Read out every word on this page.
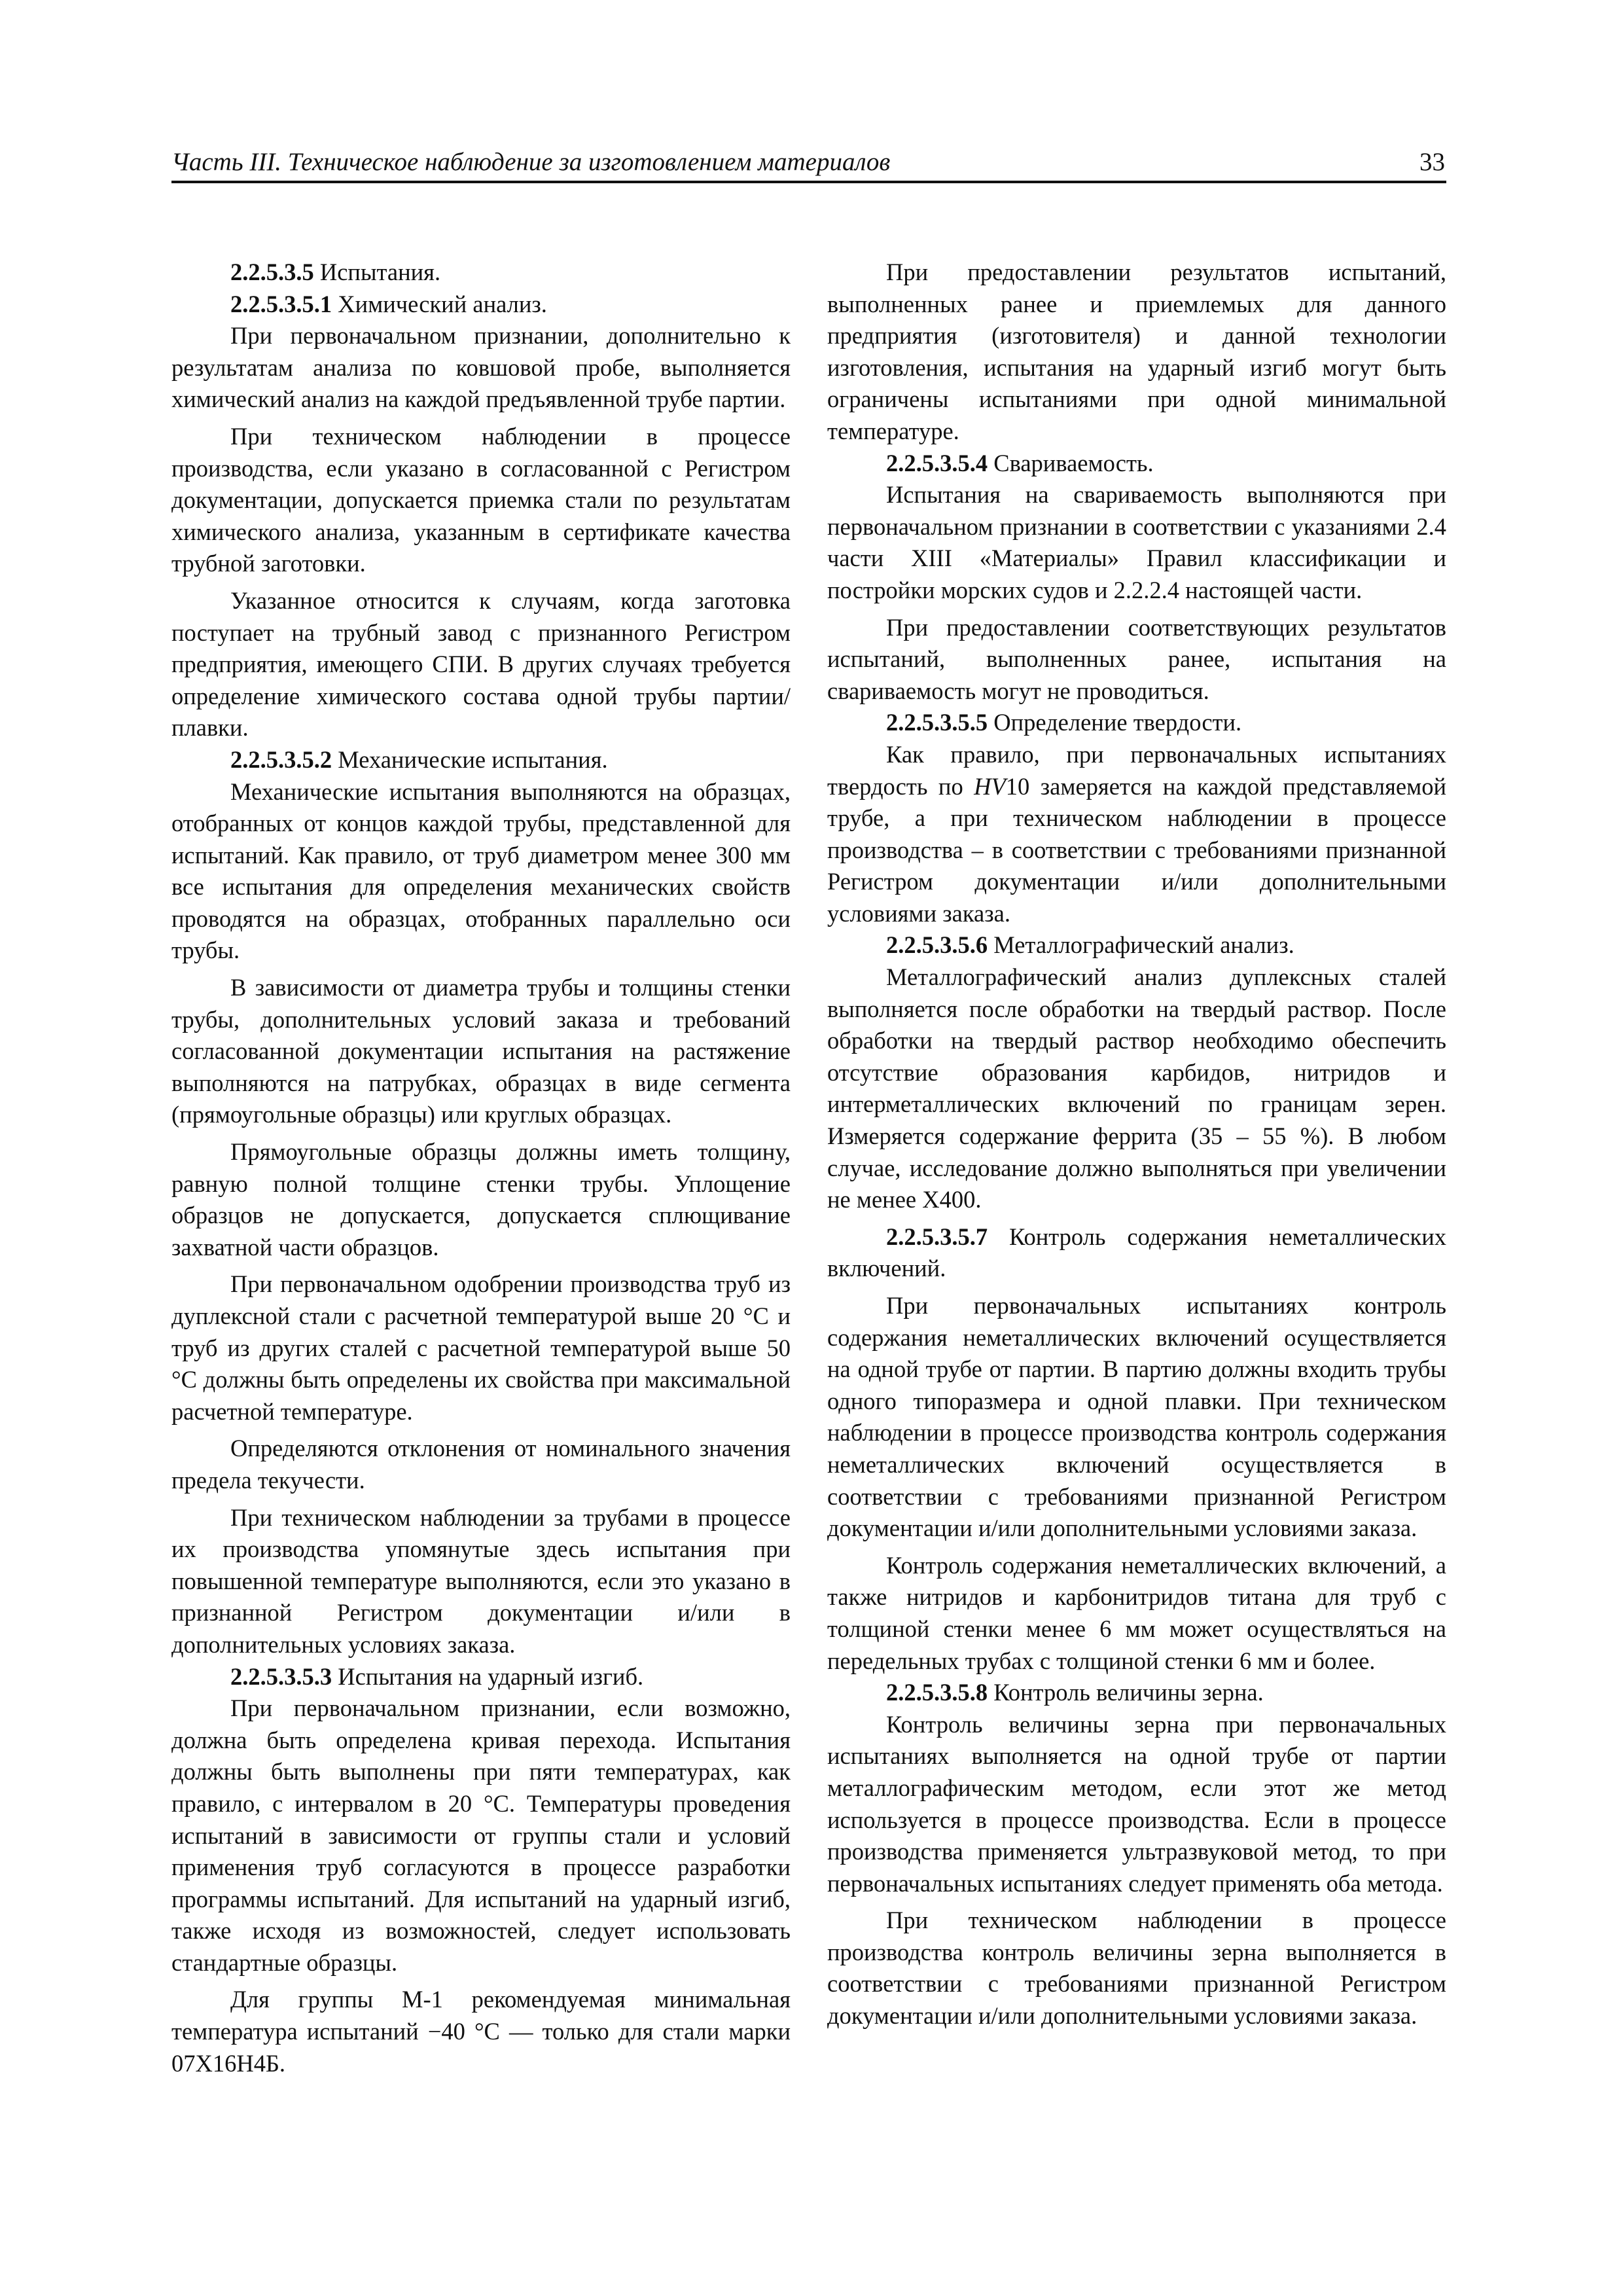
Часть III. Техническое наблюдение за изготовлением материалов	33

2.2.5.3.5 Испытания.

2.2.5.3.5.1 Химический анализ.

При первоначальном признании, дополнительно к результатам анализа по ковшовой пробе, выполняется химический анализ на каждой предъявленной трубе партии.

При техническом наблюдении в процессе производства, если указано в согласованной с Регистром документации, допускается приемка стали по результатам химического анализа, указанным в сертификате качества трубной заготовки.

Указанное относится к случаям, когда заготовка поступает на трубный завод с признанного Регистром предприятия, имеющего СПИ. В других случаях требуется определение химического состава одной трубы партии/плавки.

2.2.5.3.5.2 Механические испытания.

Механические испытания выполняются на образцах, отобранных от концов каждой трубы, представленной для испытаний. Как правило, от труб диаметром менее 300 мм все испытания для определения механических свойств проводятся на образцах, отобранных параллельно оси трубы.

В зависимости от диаметра трубы и толщины стенки трубы, дополнительных условий заказа и требований согласованной документации испытания на растяжение выполняются на патрубках, образцах в виде сегмента (прямоугольные образцы) или круглых образцах.

Прямоугольные образцы должны иметь толщину, равную полной толщине стенки трубы. Уплощение образцов не допускается, допускается сплющивание захватной части образцов.

При первоначальном одобрении производства труб из дуплексной стали с расчетной температурой выше 20 °C и труб из других сталей с расчетной температурой выше 50 °C должны быть определены их свойства при максимальной расчетной температуре.

Определяются отклонения от номинального значения предела текучести.

При техническом наблюдении за трубами в процессе их производства упомянутые здесь испытания при повышенной температуре выполняются, если это указано в признанной Регистром документации и/или в дополнительных условиях заказа.

2.2.5.3.5.3 Испытания на ударный изгиб.

При первоначальном признании, если возможно, должна быть определена кривая перехода. Испытания должны быть выполнены при пяти температурах, как правило, с интервалом в 20 °C. Температуры проведения испытаний в зависимости от группы стали и условий применения труб согласуются в процессе разработки программы испытаний. Для испытаний на ударный изгиб, также исходя из возможностей, следует использовать стандартные образцы.

Для группы М-1 рекомендуемая минимальная температура испытаний −40 °C — только для стали марки 07Х16Н4Б.

При предоставлении результатов испытаний, выполненных ранее и приемлемых для данного предприятия (изготовителя) и данной технологии изготовления, испытания на ударный изгиб могут быть ограничены испытаниями при одной минимальной температуре.

2.2.5.3.5.4 Свариваемость.

Испытания на свариваемость выполняются при первоначальном признании в соответствии с указаниями 2.4 части XIII «Материалы» Правил классификации и постройки морских судов и 2.2.2.4 настоящей части.

При предоставлении соответствующих результатов испытаний, выполненных ранее, испытания на свариваемость могут не проводиться.

2.2.5.3.5.5 Определение твердости.

Как правило, при первоначальных испытаниях твердость по HV10 замеряется на каждой представляемой трубе, а при техническом наблюдении в процессе производства – в соответствии с требованиями признанной Регистром документации и/или дополнительными условиями заказа.

2.2.5.3.5.6 Металлографический анализ.

Металлографический анализ дуплексных сталей выполняется после обработки на твердый раствор. После обработки на твердый раствор необходимо обеспечить отсутствие образования карбидов, нитридов и интерметаллических включений по границам зерен. Измеряется содержание феррита (35 – 55 %). В любом случае, исследование должно выполняться при увеличении не менее Х400.

2.2.5.3.5.7 Контроль содержания неметаллических включений.

При первоначальных испытаниях контроль содержания неметаллических включений осуществляется на одной трубе от партии. В партию должны входить трубы одного типоразмера и одной плавки. При техническом наблюдении в процессе производства контроль содержания неметаллических включений осуществляется в соответствии с требованиями признанной Регистром документации и/или дополнительными условиями заказа.

Контроль содержания неметаллических включений, а также нитридов и карбонитридов титана для труб с толщиной стенки менее 6 мм может осуществляться на передельных трубах с толщиной стенки 6 мм и более.

2.2.5.3.5.8 Контроль величины зерна.

Контроль величины зерна при первоначальных испытаниях выполняется на одной трубе от партии металлографическим методом, если этот же метод используется в процессе производства. Если в процессе производства применяется ультразвуковой метод, то при первоначальных испытаниях следует применять оба метода.

При техническом наблюдении в процессе производства контроль величины зерна выполняется в соответствии с требованиями признанной Регистром документации и/или дополнительными условиями заказа.
